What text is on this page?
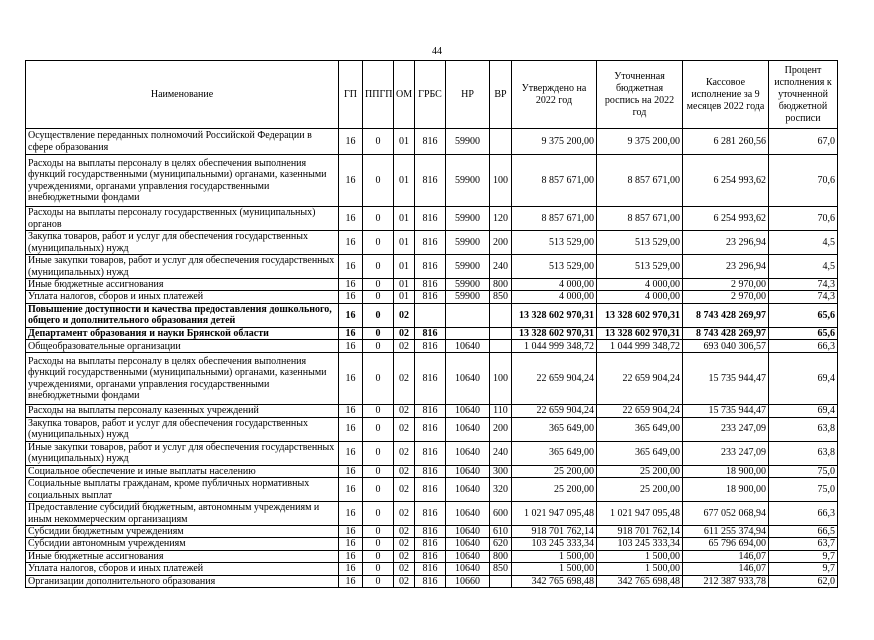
44
Наименование	ГП	ППГП	ОМ	ГРБС	НР	ВР	Утверждено на 2022 год	Уточненная бюджетная роспись на 2022 год	Кассовое исполнение за 9 месяцев 2022 года	Процент исполнения к уточненной бюджетной росписи
Осуществление переданных полномочий Российской Федерации в сфере образования	16	0	01	816	59900		9 375 200,00	9 375 200,00	6 281 260,56	67,0
Расходы на выплаты персоналу в целях обеспечения выполнения функций государственными (муниципальными) органами, казенными учреждениями, органами управления государственными внебюджетными фондами	16	0	01	816	59900	100	8 857 671,00	8 857 671,00	6 254 993,62	70,6
Расходы на выплаты персоналу государственных (муниципальных) органов	16	0	01	816	59900	120	8 857 671,00	8 857 671,00	6 254 993,62	70,6
Закупка товаров, работ и услуг для обеспечения государственных (муниципальных) нужд	16	0	01	816	59900	200	513 529,00	513 529,00	23 296,94	4,5
Иные закупки товаров, работ и услуг для обеспечения государственных (муниципальных) нужд	16	0	01	816	59900	240	513 529,00	513 529,00	23 296,94	4,5
Иные бюджетные ассигнования	16	0	01	816	59900	800	4 000,00	4 000,00	2 970,00	74,3
Уплата налогов, сборов и иных платежей	16	0	01	816	59900	850	4 000,00	4 000,00	2 970,00	74,3
Повышение доступности и качества предоставления дошкольного, общего и дополнительного образования детей	16	0	02				13 328 602 970,31	13 328 602 970,31	8 743 428 269,97	65,6
Департамент образования и науки Брянской области	16	0	02	816			13 328 602 970,31	13 328 602 970,31	8 743 428 269,97	65,6
Общеобразовательные организации	16	0	02	816	10640		1 044 999 348,72	1 044 999 348,72	693 040 306,57	66,3
Расходы на выплаты персоналу в целях обеспечения выполнения функций государственными (муниципальными) органами, казенными учреждениями, органами управления государственными внебюджетными фондами	16	0	02	816	10640	100	22 659 904,24	22 659 904,24	15 735 944,47	69,4
Расходы на выплаты персоналу казенных учреждений	16	0	02	816	10640	110	22 659 904,24	22 659 904,24	15 735 944,47	69,4
Закупка товаров, работ и услуг для обеспечения государственных (муниципальных) нужд	16	0	02	816	10640	200	365 649,00	365 649,00	233 247,09	63,8
Иные закупки товаров, работ и услуг для обеспечения государственных (муниципальных) нужд	16	0	02	816	10640	240	365 649,00	365 649,00	233 247,09	63,8
Социальное обеспечение и иные выплаты населению	16	0	02	816	10640	300	25 200,00	25 200,00	18 900,00	75,0
Социальные выплаты гражданам, кроме публичных нормативных социальных выплат	16	0	02	816	10640	320	25 200,00	25 200,00	18 900,00	75,0
Предоставление субсидий бюджетным, автономным учреждениям и иным некоммерческим организациям	16	0	02	816	10640	600	1 021 947 095,48	1 021 947 095,48	677 052 068,94	66,3
Субсидии бюджетным учреждениям	16	0	02	816	10640	610	918 701 762,14	918 701 762,14	611 255 374,94	66,5
Субсидии автономным учреждениям	16	0	02	816	10640	620	103 245 333,34	103 245 333,34	65 796 694,00	63,7
Иные бюджетные ассигнования	16	0	02	816	10640	800	1 500,00	1 500,00	146,07	9,7
Уплата налогов, сборов и иных платежей	16	0	02	816	10640	850	1 500,00	1 500,00	146,07	9,7
Организации дополнительного образования	16	0	02	816	10660		342 765 698,48	342 765 698,48	212 387 933,78	62,0
